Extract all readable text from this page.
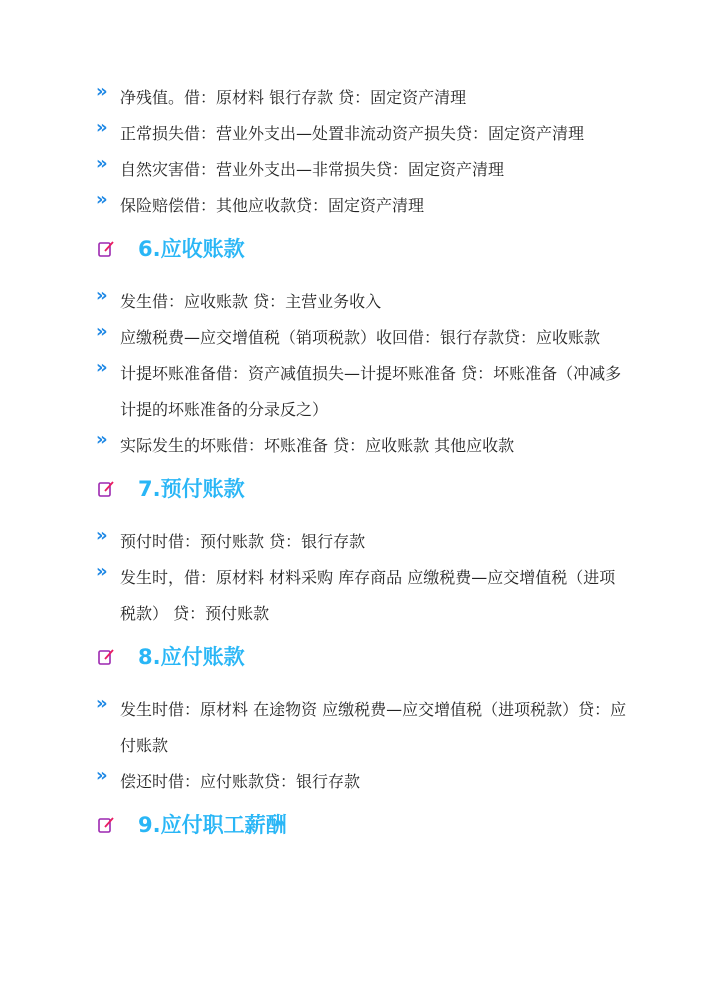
» 净残值。借：原材料 银行存款 贷：固定资产清理
» 正常损失借：营业外支出—处置非流动资产损失贷：固定资产清理
» 自然灾害借：营业外支出—非常损失贷：固定资产清理
» 保险赔偿借：其他应收款贷：固定资产清理
6.应收账款
» 发生借：应收账款 贷：主营业务收入
» 应缴税费—应交增值税（销项税款）收回借：银行存款贷：应收账款
» 计提坏账准备借：资产减值损失—计提坏账准备 贷：坏账准备（冲减多计提的坏账准备的分录反之）
» 实际发生的坏账借：坏账准备 贷：应收账款 其他应收款
7.预付账款
» 预付时借：预付账款 贷：银行存款
» 发生时，借：原材料 材料采购 库存商品 应缴税费—应交增值税（进项税款） 贷：预付账款
8.应付账款
» 发生时借：原材料 在途物资 应缴税费—应交增值税（进项税款）贷：应付账款
» 偿还时借：应付账款贷：银行存款
9.应付职工薪酬
